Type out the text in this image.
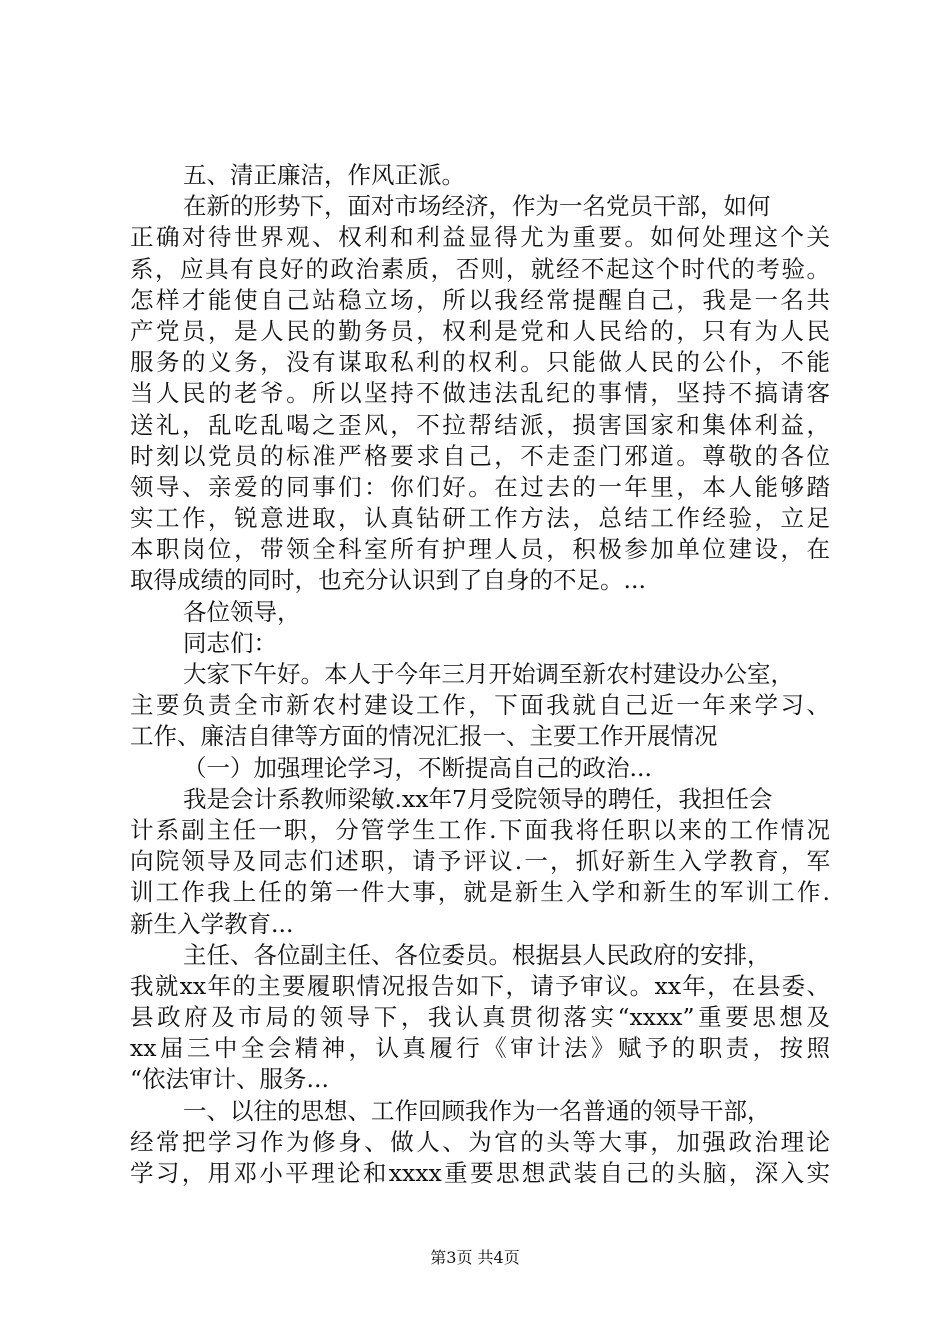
五、清正廉洁，作风正派。
在新的形势下，面对市场经济，作为一名党员干部，如何
正确对待世界观、权利和利益显得尤为重要。如何处理这个关
系，应具有良好的政治素质，否则，就经不起这个时代的考验。
怎样才能使自己站稳立场，所以我经常提醒自己，我是一名共
产党员，是人民的勤务员，权利是党和人民给的，只有为人民
服务的义务，没有谋取私利的权利。只能做人民的公仆，不能
当人民的老爷。所以坚持不做违法乱纪的事情，坚持不搞请客
送礼，乱吃乱喝之歪风，不拉帮结派，损害国家和集体利益，
时刻以党员的标准严格要求自己，不走歪门邪道。尊敬的各位
领导、亲爱的同事们：你们好。在过去的一年里，本人能够踏
实工作，锐意进取，认真钻研工作方法，总结工作经验，立足
本职岗位，带领全科室所有护理人员，积极参加单位建设，在
取得成绩的同时，也充分认识到了自身的不足。...
各位领导，
同志们：
大家下午好。本人于今年三月开始调至新农村建设办公室，
主要负责全市新农村建设工作，下面我就自己近一年来学习、
工作、廉洁自律等方面的情况汇报一、主要工作开展情况
（一）加强理论学习，不断提高自己的政治...
我是会计系教师梁敏.xx年7月受院领导的聘任，我担任会
计系副主任一职，分管学生工作.下面我将任职以来的工作情况
向院领导及同志们述职，请予评议.一，抓好新生入学教育，军
训工作我上任的第一件大事，就是新生入学和新生的军训工作.
新生入学教育...
主任、各位副主任、各位委员。根据县人民政府的安排，
我就xx年的主要履职情况报告如下，请予审议。xx年，在县委、
县政府及市局的领导下，我认真贯彻落实“xxxx”重要思想及
xx届三中全会精神，认真履行《审计法》赋予的职责，按照
“依法审计、服务...
一、以往的思想、工作回顾我作为一名普通的领导干部，
经常把学习作为修身、做人、为官的头等大事，加强政治理论
学习，用邓小平理论和xxxx重要思想武装自己的头脑，深入实
第3页 共4页
